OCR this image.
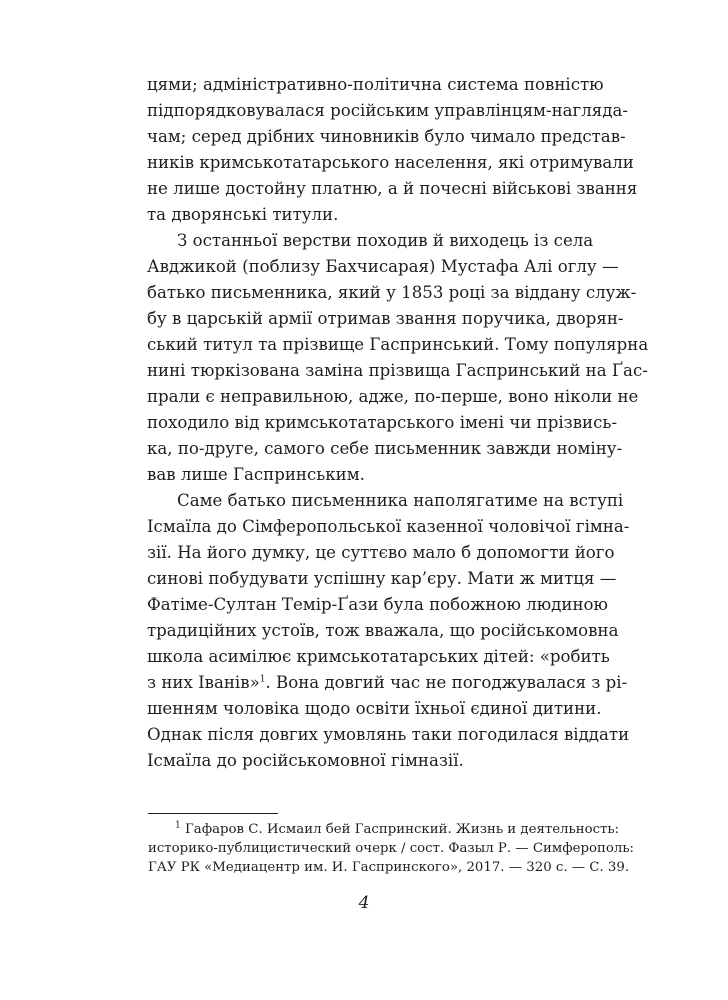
цями; адміністративно-політична система повністю
підпорядковувалася російським управлінцям-нагляда-
чам; серед дрібних чиновників було чимало представ-
ників кримськотатарського населення, які отримували
не лише достойну платню, а й почесні військові звання
та дворянські титули.
З останньої верстви походив й виходець із села
Авджикой (поблизу Бахчисарая) Мустафа Алі оглу —
батько письменника, який у 1853 році за віддану служ-
бу в царській армії отримав звання поручика, дворян-
ський титул та прізвище Гаспринський. Тому популярна
нині тюркізована заміна прізвища Гаспринський на Ґас-
прали є неправильною, адже, по-перше, воно ніколи не
походило від кримськотатарського імені чи прізвись-
ка, по-друге, самого себе письменник завжди номіну-
вав лише Гаспринським.
Саме батько письменника наполягатиме на вступі
Ісмаїла до Сімферопольської казенної чоловічої гімна-
зії. На його думку, це суттєво мало б допомогти його
синові побудувати успішну кар’єру. Мати ж митця —
Фатіме-Султан Темір-Ґази була побожною людиною
традиційних устоїв, тож вважала, що російськомовна
школа асимілює кримськотатарських дітей: «робить
з них Іванів»$^1$. Вона довгий час не погоджувалася з рі-
шенням чоловіка щодо освіти їхньої єдиної дитини.
Однак після довгих умовлянь таки погодилася віддати
Ісмаїла до російськомовної гімназії.
$^1$ Гафаров С. Исмаил бей Гаспринский. Жизнь и деятельность:
историко-публицистический очерк / сост. Фазыл Р. — Симферополь:
ГАУ РК «Медиацентр им. И. Гаспринского», 2017. — 320 с. — С. 39.
4
